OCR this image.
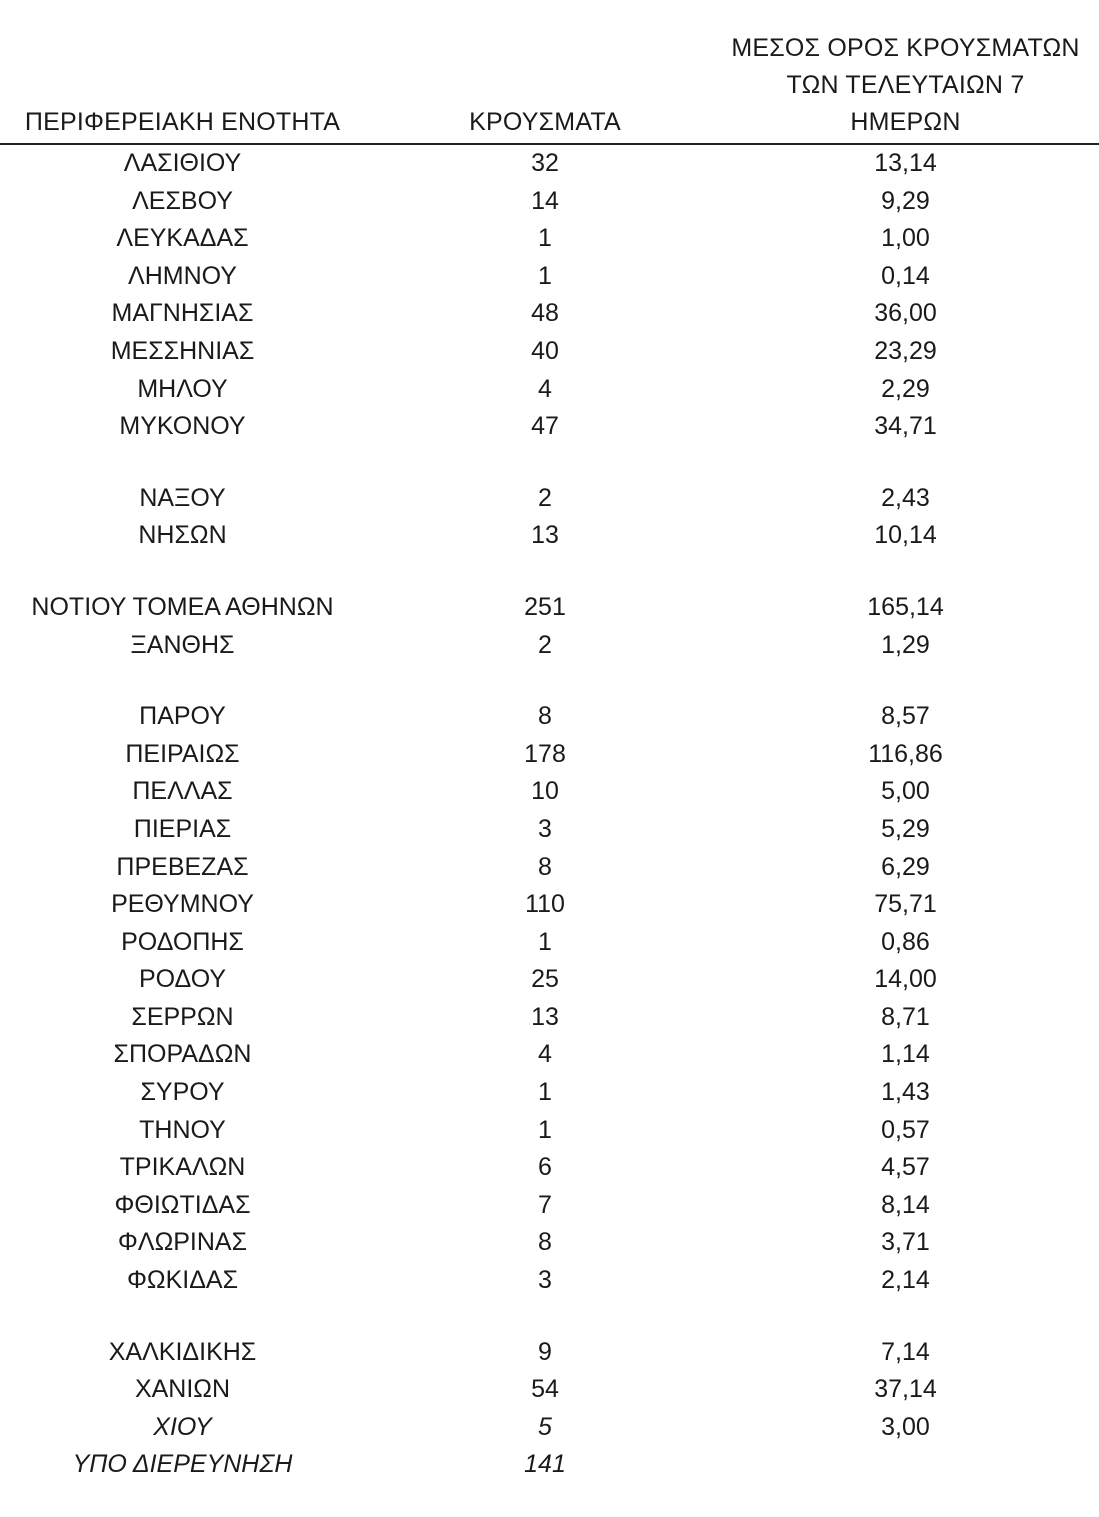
ΠΕΡΙΦΕΡΕΙΑΚΗ ΕΝΟΤΗΤΑ	ΚΡΟΥΣΜΑΤΑ
ΜΕΣΟΣ ΟΡΟΣ ΚΡΟΥΣΜΑΤΩΝ
ΤΩΝ ΤΕΛΕΥΤΑΙΩΝ 7
ΗΜΕΡΩΝ
ΛΑΣΙΘΙΟΥ	32	13,14
ΛΕΣΒΟΥ	14	9,29
ΛΕΥΚΑΔΑΣ	1	1,00
ΛΗΜΝΟΥ	1	0,14
ΜΑΓΝΗΣΙΑΣ	48	36,00
ΜΕΣΣΗΝΙΑΣ	40	23,29
ΜΗΛΟΥ	4	2,29
ΜΥΚΟΝΟΥ	47	34,71
ΝΑΞΟΥ	2	2,43
ΝΗΣΩΝ	13	10,14
ΝΟΤΙΟΥ ΤΟΜΕΑ ΑΘΗΝΩΝ	251	165,14
ΞΑΝΘΗΣ	2	1,29
ΠΑΡΟΥ	8	8,57
ΠΕΙΡΑΙΩΣ	178	116,86
ΠΕΛΛΑΣ	10	5,00
ΠΙΕΡΙΑΣ	3	5,29
ΠΡΕΒΕΖΑΣ	8	6,29
ΡΕΘΥΜΝΟΥ	110	75,71
ΡΟΔΟΠΗΣ	1	0,86
ΡΟΔΟΥ	25	14,00
ΣΕΡΡΩΝ	13	8,71
ΣΠΟΡΑΔΩΝ	4	1,14
ΣΥΡΟΥ	1	1,43
ΤΗΝΟΥ	1	0,57
ΤΡΙΚΑΛΩΝ	6	4,57
ΦΘΙΩΤΙΔΑΣ	7	8,14
ΦΛΩΡΙΝΑΣ	8	3,71
ΦΩΚΙΔΑΣ	3	2,14
ΧΑΛΚΙΔΙΚΗΣ	9	7,14
ΧΑΝΙΩΝ	54	37,14
ΧΙΟΥ	5	3,00
ΥΠΟ ΔΙΕΡΕΥΝΗΣΗ	141
